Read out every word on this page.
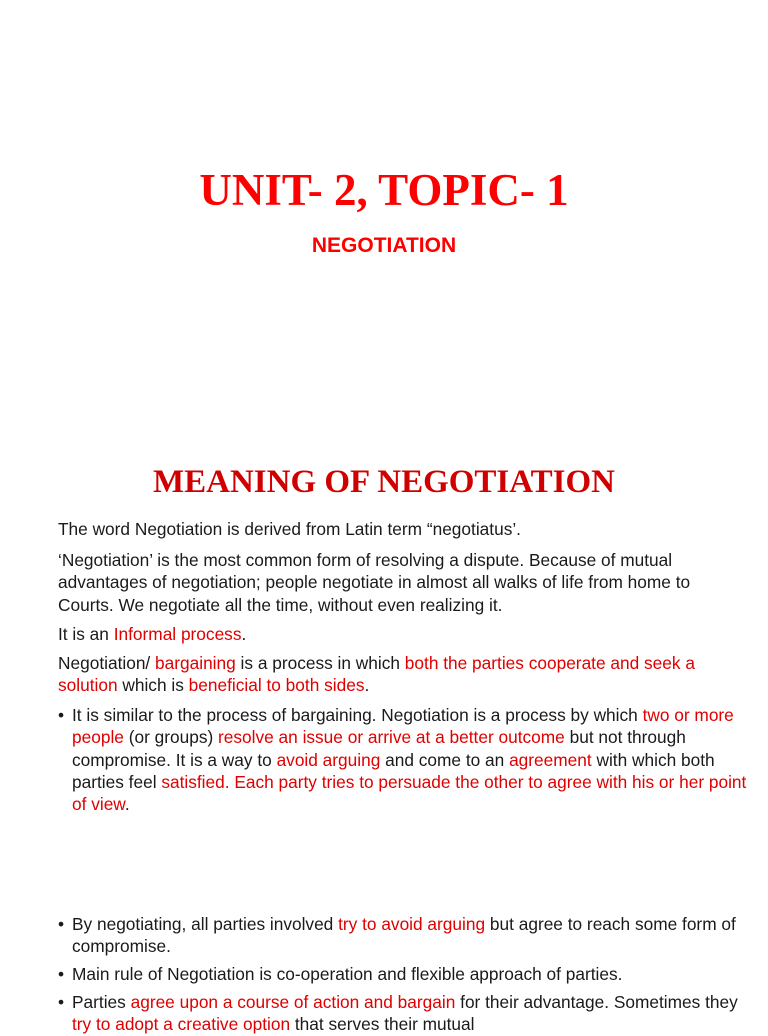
UNIT- 2, TOPIC- 1
NEGOTIATION
MEANING OF NEGOTIATION

The word Negotiation is derived from Latin term “negotiatus’.

‘Negotiation’ is the most common form of resolving a dispute. Because of mutual advantages of negotiation; people negotiate in almost all walks of life from home to Courts. We negotiate all the time, without even realizing it.

It is an Informal process.

Negotiation/ bargaining is a process in which both the parties cooperate and seek a solution which is beneficial to both sides.

• It is similar to the process of bargaining. Negotiation is a process by which two or more people (or groups) resolve an issue or arrive at a better outcome but not through compromise. It is a way to avoid arguing and come to an agreement with which both parties feel satisfied. Each party tries to persuade the other to agree with his or her point of view.
• By negotiating, all parties involved try to avoid arguing but agree to reach some form of compromise.
• Main rule of Negotiation is co-operation and flexible approach of parties.
• Parties agree upon a course of action and bargain for their advantage. Sometimes they try to adopt a creative option that serves their mutual
